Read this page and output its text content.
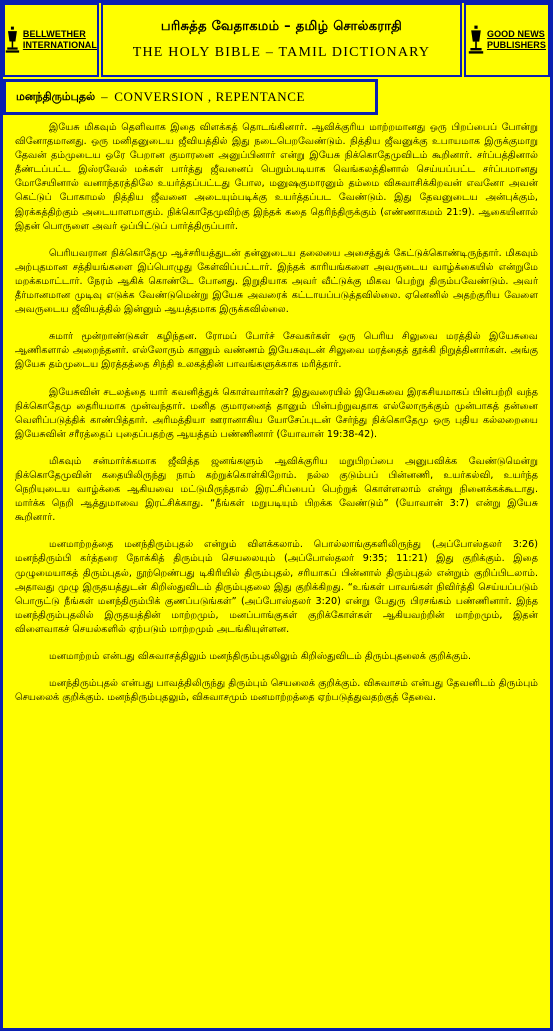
BELLWETHER
INTERNATIONAL
பரிசுத்த வேதாகமம் – தமிழ் சொல்கராதி
THE HOLY BIBLE – TAMIL DICTIONARY
GOOD NEWS
PUBLISHERS
மனந்திரும்புதல் – CONVERSION , REPENTANCE

இயேசு மிகவும் தெளிவாக இதை விளக்கத் தொடங்கினார். ஆவிக்குரிய மாற்றமானது ஒரு பிறப்பைப் போன்று வினோதமானது. ஒரு மனிதனுடைய ஜீவியத்தில் இது நடைபெறவேண்டும். நித்திய ஜீவனுக்கு உபாயமாக இருக்குமாறு தேவன் தம்முடைய ஒரே பேறான குமாரனை அனுப்பினார் என்று இயேசு நிக்கொதேமுவிடம் கூறினார். சர்ப்பத்தினால் தீண்டப்பட்ட இஸ்ரவேல் மக்கள் பார்த்து ஜீவனைப் பெறும்படியாக வெங்கலத்தினால் செய்யப்பட்ட சர்ப்பமானது மோசேயினால் வனாந்தரத்திலே உயர்த்தப்பட்டது போல, மனுஷகுமாரனும் தம்மை விசுவாசிக்கிறவன் எவனோ அவன் கெட்டுப் போகாமல் நித்திய ஜீவனை அடையும்படிக்கு உயர்த்தப்பட வேண்டும். இது தேவனுடைய அன்புக்கும், இரக்கத்திற்கும் அடையாளமாகும். நிக்கொதேமுவிற்கு இந்தக் கதை தெரிந்திருக்கும் (எண்ணாகமம் 21:9). ஆகையினால் இதன் பொருளை அவர் ஒப்பிட்டுப் பார்த்திருப்பார்.

பெரியவரான நிக்கொதேமு ஆச்சரியத்துடன் தன்னுடைய தலையை அசைத்துக் கேட்டுக்கொண்டிருந்தார். மிகவும் அற்புதமான சத்தியங்களை இப்பொழுது கேள்விப்பட்டார். இந்தக் காரியங்களை அவருடைய வாழ்க்கையில் என்றுமே மறக்கமாட்டார். நேரம் ஆகிக் கொண்டே போனது. இறுதியாக அவர் வீட்டுக்கு மிகவ பெற்று திரும்பவேண்டும். அவர் தீர்மானமான முடிவு எடுக்க வேண்டுமென்று இயேசு அவரைக் கட்டாயப்படுத்தவில்லை. ஏனெனில் அதற்குரிய வேளை அவருடைய ஜீவியத்தில் இன்னும் ஆயத்தமாக இருக்கவில்லை.

சுமார் மூன்றாண்டுகள் கழிந்தன. ரோமப் போர்ச் சேவகர்கள் ஒரு பெரிய சிலுவை மரத்தில் இயேசுவை ஆணிகளால் அறைந்தனர். எல்லோரும் காணும் வண்ணம் இயேசுவுடன் சிலுவை மரத்தைத் தூக்கி நிறுத்தினார்கள். அங்கு இயேசு தம்முடைய இரத்தத்தை சிந்தி உலகத்தின் பாவங்களுக்காக மரித்தார்.

இயேசுவின் சடலத்தை யார் கவனித்துக் கொள்வார்கள்? இதுவரையில் இயேசுவை இரகசியமாகப் பின்பற்றி வந்த நிக்கொதேமு தைரியமாக முன்வந்தார். மனித குமாரனைத் தானும் பின்பற்றுவதாக எல்லோருக்கும் முன்பாகத் தன்னை வெளிப்படுத்திக் காண்பித்தார். அரிமத்தியா ஊரானாகிய யோசேப்புடன் சேர்ந்து நிக்கொதேமு ஒரு புதிய கல்லறையை இயேசுவின் சரீரத்தைப் புதைப்பதற்கு ஆயத்தம் பண்ணினார் (யோவான் 19:38-42).

மிகவும் சன்மார்க்கமாக ஜீவித்த ஜனங்களும் ஆவிக்குரிய மறுபிறப்பை அனுபவிக்க வேண்டுமென்று நிக்கொதேமுவின் கதையிலிருந்து நாம் கற்றுக்கொள்கிறோம். நல்ல குடும்பப் பின்னணி, உயர்கல்வி, உயர்ந்த நெறியுடைய வாழ்க்கை ஆகியவை மட்டுமிருந்தால் இரட்சிப்பைப் பெற்றுக் கொள்ளலாம் என்று நினைக்கக்கூடாது. மார்க்க நெறி ஆத்துமாவை இரட்சிக்காது. “நீங்கள் மறுபடியும் பிறக்க வேண்டும்” (யோவான் 3:7) என்று இயேசு கூறினார்.

மனமாற்றத்தை மனந்திரும்புதல் என்றும் விளக்கலாம். பொல்லாங்குகளிலிருந்து (அப்போஸ்தலர் 3:26) மனந்திரும்பி கர்த்தரை நோக்கித் திரும்பும் செயலையும் (அப்போஸ்தலர் 9:35; 11:21) இது குறிக்கும். இதை முழுமையாகத் திரும்புதல், நூற்றெண்பது டிகிரியில் திரும்புதல், சரியாகப் பின்னால் திரும்புதல் என்றும் குறிப்பிடலாம். அதாவது முழு இருதயத்துடன் கிறிஸ்துவிடம் திரும்புதலை இது குறிக்கிறது. “உங்கள் பாவங்கள் நிவிர்த்தி செய்யப்படும் பொருட்டு நீங்கள் மனந்திரும்பிக் குணப்படுங்கள்” (அப்போஸ்தலர் 3:20) என்று பேதுரு பிரசங்கம் பண்ணினார். இந்த மனந்திரும்புதலில் இருதயத்தின் மாற்றமும், மனப்பாங்குகள் குறிக்கோள்கள் ஆகியவற்றின் மாற்றமும், இதன் விளைவாகச் செயல்களில் ஏற்படும் மாற்றமும் அடங்கியுள்ளன.

மனமாற்றம் என்பது விசுவாசத்திலும் மனந்திரும்புதலிலும் கிறிஸ்துவிடம் திரும்புதலைக் குறிக்கும்.

மனந்திரும்புதல் என்பது பாவத்திலிருந்து திரும்பும் செயலைக் குறிக்கும். விசுவாசம் என்பது தேவனிடம் திரும்பும் செயலைக் குறிக்கும். மனந்திரும்புதலும், விசுவாசமும் மனமாற்றத்தை ஏற்படுத்துவதற்குத் தேவை.
